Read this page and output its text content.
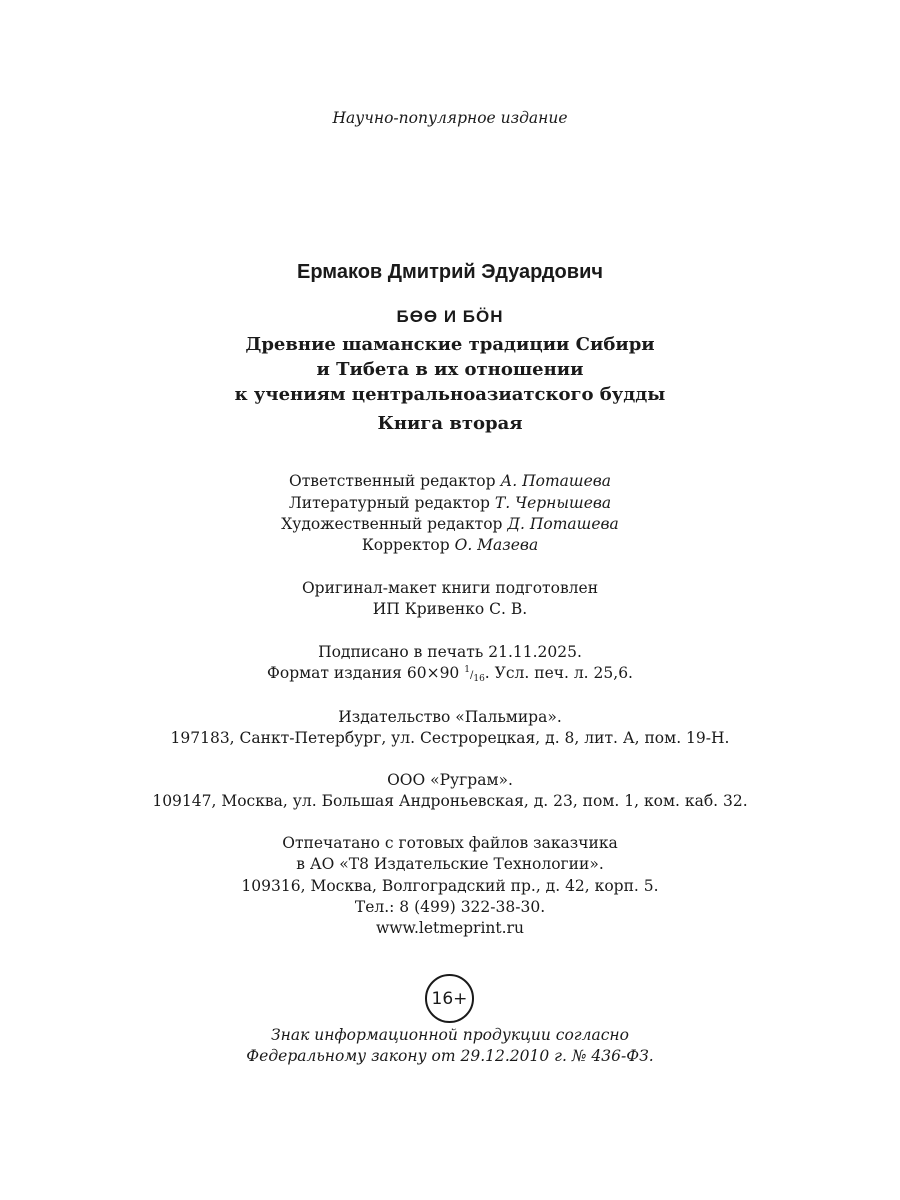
Научно-популярное издание
Ермаков Дмитрий Эдуардович
БӨӨ И БӦН
Древние шаманские традиции Сибири
и Тибета в их отношении
к учениям центральноазиатского будды
Книга вторая
Ответственный редактор А. Поташева
Литературный редактор Т. Чернышева
Художественный редактор Д. Поташева
Корректор О. Мазева
Оригинал-макет книги подготовлен
ИП Кривенко С. В.
Подписано в печать 21.11.2025.
Формат издания 60×90 $^1/_{16}$. Усл. печ. л. 25,6.
Издательство «Пальмира».
197183, Санкт-Петербург, ул. Сестрорецкая, д. 8, лит. А, пом. 19-Н.
ООО «Руграм».
109147, Москва, ул. Большая Андроньевская, д. 23, пом. 1, ком. каб. 32.
Отпечатано с готовых файлов заказчика
в АО «Т8 Издательские Технологии».
109316, Москва, Волгоградский пр., д. 42, корп. 5.
Тел.: 8 (499) 322-38-30.
www.letmeprint.ru
16+
Знак информационной продукции согласно
Федеральному закону от 29.12.2010 г. № 436-ФЗ.
